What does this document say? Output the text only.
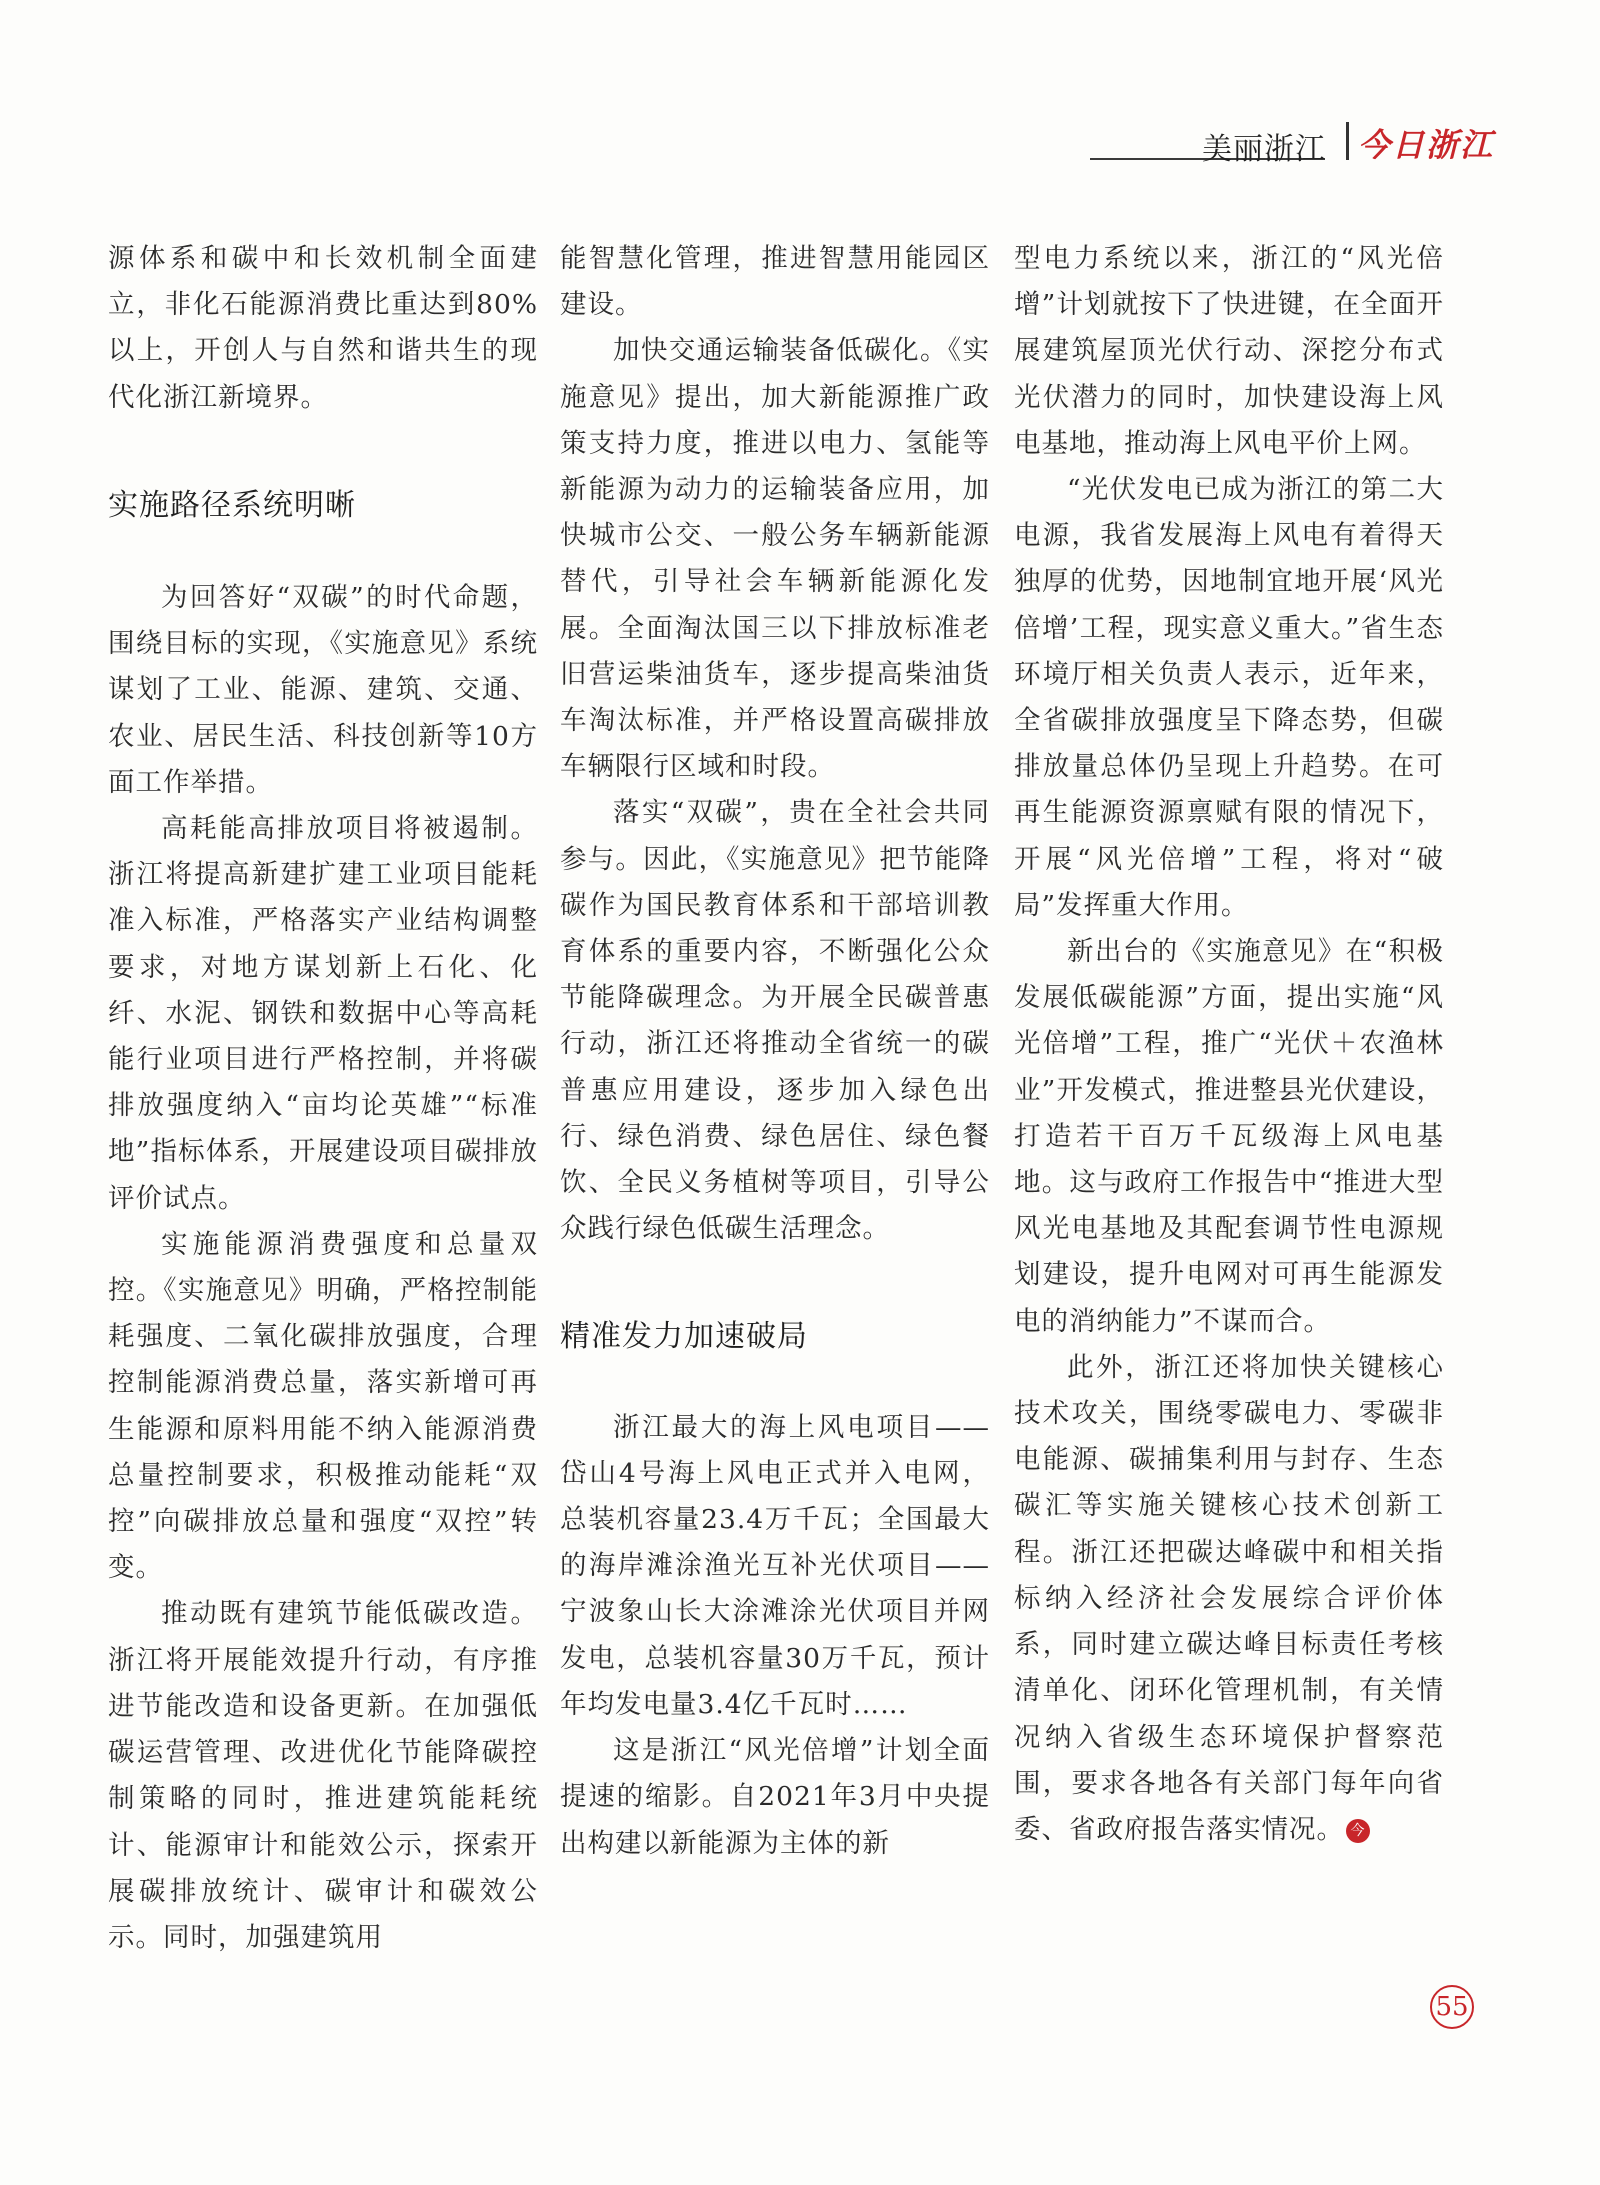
美丽浙江 今日浙江

源体系和碳中和长效机制全面建立，非化石能源消费比重达到80%以上，开创人与自然和谐共生的现代化浙江新境界。

实施路径系统明晰

为回答好“双碳”的时代命题，围绕目标的实现，《实施意见》系统谋划了工业、能源、建筑、交通、农业、居民生活、科技创新等10方面工作举措。

高耗能高排放项目将被遏制。浙江将提高新建扩建工业项目能耗准入标准，严格落实产业结构调整要求，对地方谋划新上石化、化纤、水泥、钢铁和数据中心等高耗能行业项目进行严格控制，并将碳排放强度纳入“亩均论英雄”“标准地”指标体系，开展建设项目碳排放评价试点。

实施能源消费强度和总量双控。《实施意见》明确，严格控制能耗强度、二氧化碳排放强度，合理控制能源消费总量，落实新增可再生能源和原料用能不纳入能源消费总量控制要求，积极推动能耗“双控”向碳排放总量和强度“双控”转变。

推动既有建筑节能低碳改造。浙江将开展能效提升行动，有序推进节能改造和设备更新。在加强低碳运营管理、改进优化节能降碳控制策略的同时，推进建筑能耗统计、能源审计和能效公示，探索开展碳排放统计、碳审计和碳效公示。同时，加强建筑用

能智慧化管理，推进智慧用能园区建设。

加快交通运输装备低碳化。《实施意见》提出，加大新能源推广政策支持力度，推进以电力、氢能等新能源为动力的运输装备应用，加快城市公交、一般公务车辆新能源替代，引导社会车辆新能源化发展。全面淘汰国三以下排放标准老旧营运柴油货车，逐步提高柴油货车淘汰标准，并严格设置高碳排放车辆限行区域和时段。

落实“双碳”，贵在全社会共同参与。因此，《实施意见》把节能降碳作为国民教育体系和干部培训教育体系的重要内容，不断强化公众节能降碳理念。为开展全民碳普惠行动，浙江还将推动全省统一的碳普惠应用建设，逐步加入绿色出行、绿色消费、绿色居住、绿色餐饮、全民义务植树等项目，引导公众践行绿色低碳生活理念。

精准发力加速破局

浙江最大的海上风电项目——岱山4号海上风电正式并入电网，总装机容量23.4万千瓦；全国最大的海岸滩涂渔光互补光伏项目——宁波象山长大涂滩涂光伏项目并网发电，总装机容量30万千瓦，预计年均发电量3.4亿千瓦时……

这是浙江“风光倍增”计划全面提速的缩影。自2021年3月中央提出构建以新能源为主体的新

型电力系统以来，浙江的“风光倍增”计划就按下了快进键，在全面开展建筑屋顶光伏行动、深挖分布式光伏潜力的同时，加快建设海上风电基地，推动海上风电平价上网。

“光伏发电已成为浙江的第二大电源，我省发展海上风电有着得天独厚的优势，因地制宜地开展‘风光倍增’工程，现实意义重大。”省生态环境厅相关负责人表示，近年来，全省碳排放强度呈下降态势，但碳排放量总体仍呈现上升趋势。在可再生能源资源禀赋有限的情况下，开展“风光倍增”工程，将对“破局”发挥重大作用。

新出台的《实施意见》在“积极发展低碳能源”方面，提出实施“风光倍增”工程，推广“光伏＋农渔林业”开发模式，推进整县光伏建设，打造若干百万千瓦级海上风电基地。这与政府工作报告中“推进大型风光电基地及其配套调节性电源规划建设，提升电网对可再生能源发电的消纳能力”不谋而合。

此外，浙江还将加快关键核心技术攻关，围绕零碳电力、零碳非电能源、碳捕集利用与封存、生态碳汇等实施关键核心技术创新工程。浙江还把碳达峰碳中和相关指标纳入经济社会发展综合评价体系，同时建立碳达峰目标责任考核清单化、闭环化管理机制，有关情况纳入省级生态环境保护督察范围，要求各地各有关部门每年向省委、省政府报告落实情况。 今

55
